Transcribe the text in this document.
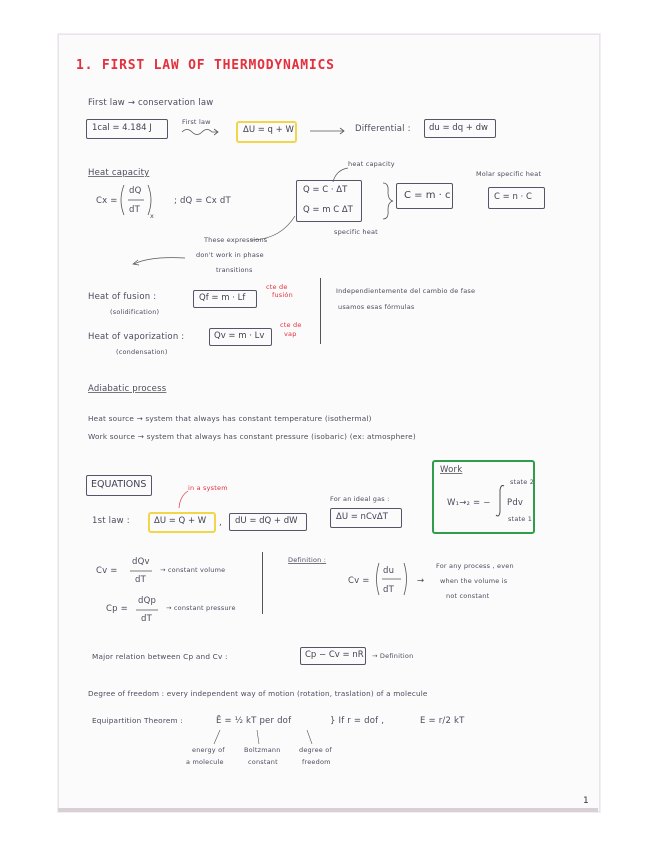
1. FIRST LAW OF THERMODYNAMICS
First law → conservation law
1cal = 4.184 J
First law
ΔU = q + W	Differential : du = dq + dw
Heat capacity
Cx =
dQ
dT
x
; dQ = Cx dT
heat capacity
Q = C · ΔT
Q = m C ΔT
specific heat
C = m · c
Molar specific heat
C = n · C
These expressions
don't work in phase
transitions
Heat of fusion :	Qf = m · Lf
cte de
fusión
(solidification)
Heat of vaporization :	Qv = m · Lv
cte de
vap
(condensation)
Independientemente del cambio de fase
usamos esas fórmulas
Adiabatic process
Heat source → system that always has constant temperature (isothermal)
Work source → system that always has constant pressure (isobaric) (ex: atmosphere)
EQUATIONS	in a system
1st law :	ΔU = Q + W , dU = dQ + dW
For an ideal gas :
ΔU = nCvΔT
Work
state 2
W₁→₂ = − Pdv
state 1
Cv =
dQv
dT
→ constant volume
Cp =
dQp
dT
→ constant pressure
Definition :
Cv =
du
dT
→
For any process , even
when the volume is
not constant
Major relation between Cp and Cv :	Cp − Cv = nR → Definition
Degree of freedom : every independent way of motion (rotation, traslation) of a molecule
Equipartition Theorem :	Ē = ½ kT per dof	} If r = dof ,	E = r/2 kT
energy of
a molecule
Boltzmann
constant
degree of
freedom
1
